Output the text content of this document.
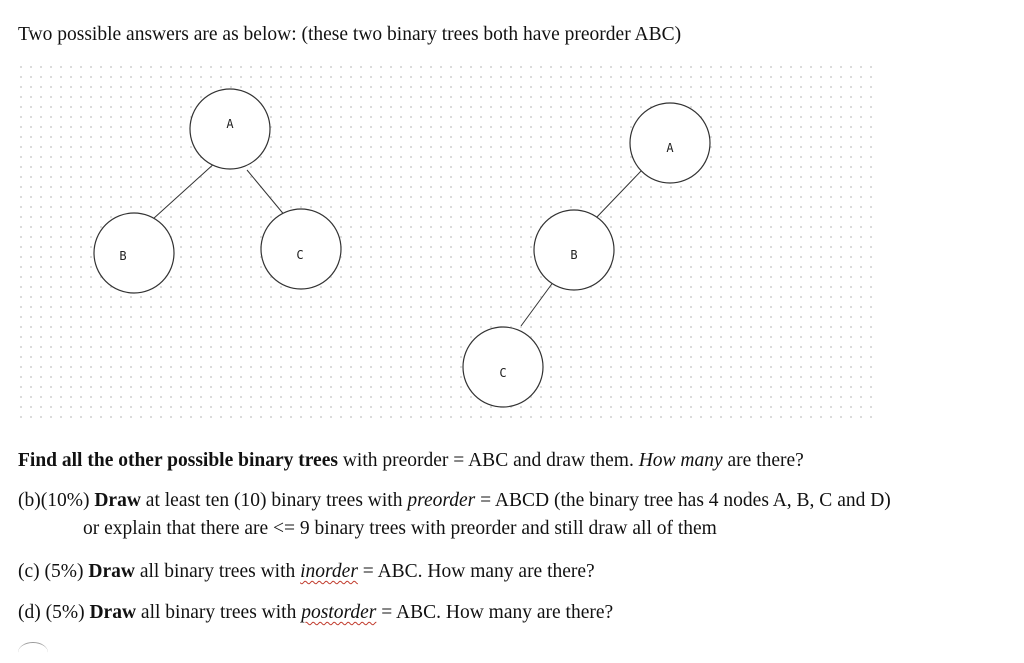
Two possible answers are as below: (these two binary trees both have preorder ABC)

A
B	C
A
B
C

Find all the other possible binary trees with preorder = ABC and draw them. How many are there?

(b)(10%) Draw at least ten (10) binary trees with preorder = ABCD (the binary tree has 4 nodes A, B, C and D)

or explain that there are <= 9 binary trees with preorder and still draw all of them

(c) (5%) Draw all binary trees with inorder = ABC. How many are there?

(d) (5%) Draw all binary trees with postorder = ABC. How many are there?
